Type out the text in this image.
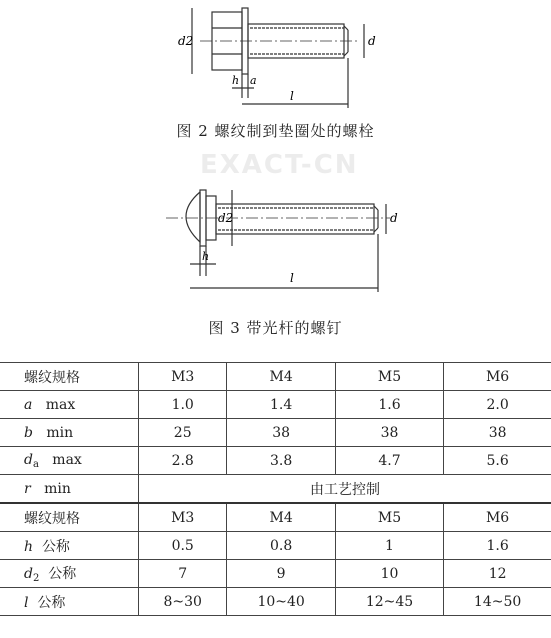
d2	d
h a
l
图 2 螺纹制到垫圈处的螺栓
EXACT-CN
d2	d
h
l
图 3 带光杆的螺钉
螺纹规格	M3	M4	M5	M6
a max	1.0	1.4	1.6	2.0
b min	25	38	38	38
$d_a$ max	2.8	3.8	4.7	5.6
r min	由工艺控制			
螺纹规格	M3	M4	M5	M6
h 公称	0.5	0.8	1	1.6
$d_2$ 公称	7	9	10	12
l 公称	8~30	10~40	12~45	14~50
